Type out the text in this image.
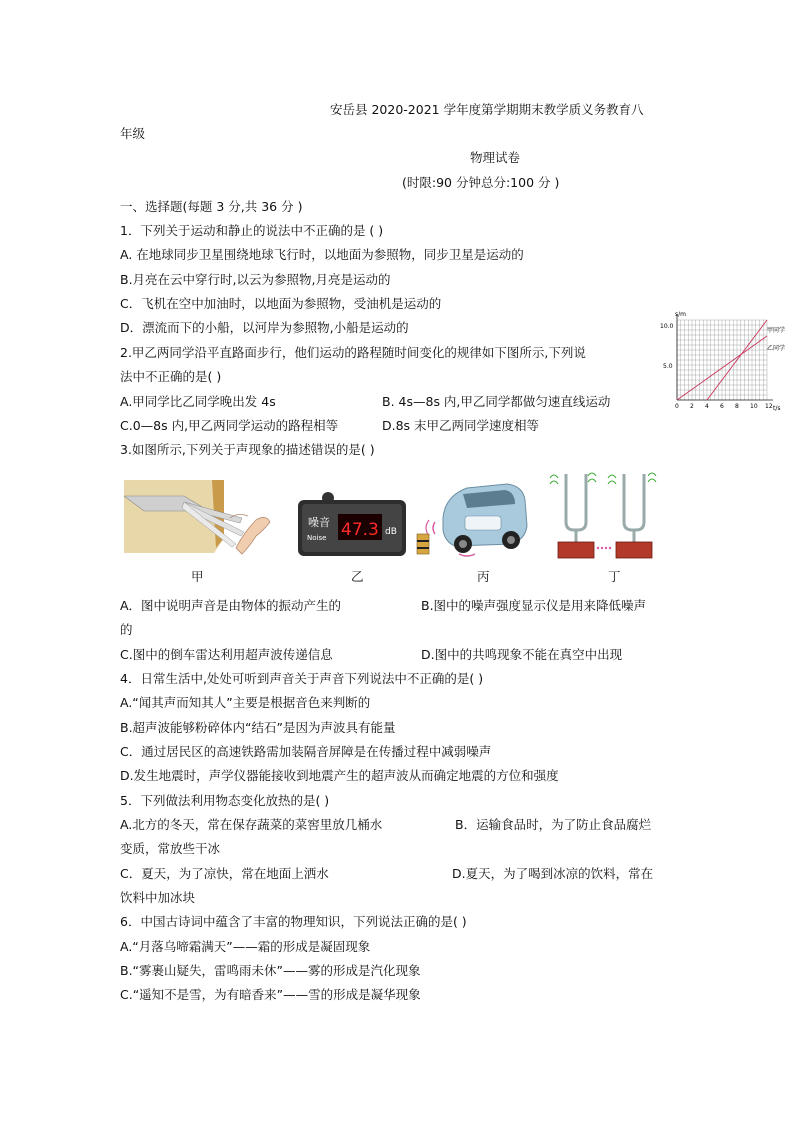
安岳县 2020-2021 学年度第学期期末教学质义务教育八
年级
物理试卷
(时限:90 分钟总分:100 分 )
一、选择题(每题 3 分,共 36 分 )
1．下列关于运动和静止的说法中不正确的是 ( )
A. 在地球同步卫星围绕地球飞行时，以地面为参照物，同步卫星是运动的
B.月亮在云中穿行时,以云为参照物,月亮是运动的
C．飞机在空中加油时，以地面为参照物，受油机是运动的
D．漂流而下的小船，以河岸为参照物,小船是运动的
2.甲乙两同学沿平直路面步行，他们运动的路程随时间变化的规律如下图所示,下列说
法中不正确的是( )
A.甲同学比乙同学晚出发 4s	B. 4s—8s 内,甲乙同学都做匀速直线运动
C.0—8s 内,甲乙两同学运动的路程相等	D.8s 末甲乙两同学速度相等
s/m
t/s
甲同学
乙同学
5.0
10.0
0 2 4 6 8 10 12
3.如图所示,下列关于声现象的描述错误的是( )
噪音
Noise 47.3 dB
甲	乙	丙	丁
A．图中说明声音是由物体的振动产生的	B.图中的噪声强度显示仪是用来降低噪声
的
C.图中的倒车雷达利用超声波传递信息	D.图中的共鸣现象不能在真空中出现
4．日常生活中,处处可听到声音关于声音下列说法中不正确的是( )
A.“闻其声而知其人”主要是根据音色来判断的
B.超声波能够粉碎体内“结石”是因为声波具有能量
C．通过居民区的高速铁路需加装隔音屏障是在传播过程中减弱噪声
D.发生地震时，声学仪器能接收到地震产生的超声波从而确定地震的方位和强度
5．下列做法利用物态变化放热的是( )
A.北方的冬天，常在保存蔬菜的菜窖里放几桶水	B．运输食品时，为了防止食品腐烂
变质，常放些干冰
C．夏天，为了凉快，常在地面上洒水	D.夏天，为了喝到冰凉的饮料，常在
饮料中加冰块
6．中国古诗词中蕴含了丰富的物理知识，下列说法正确的是( )
A.“月落乌啼霜满天”——霜的形成是凝固现象
B.“雾裹山疑失，雷鸣雨未休”——雾的形成是汽化现象
C.“遥知不是雪，为有暗香来”——雪的形成是凝华现象
